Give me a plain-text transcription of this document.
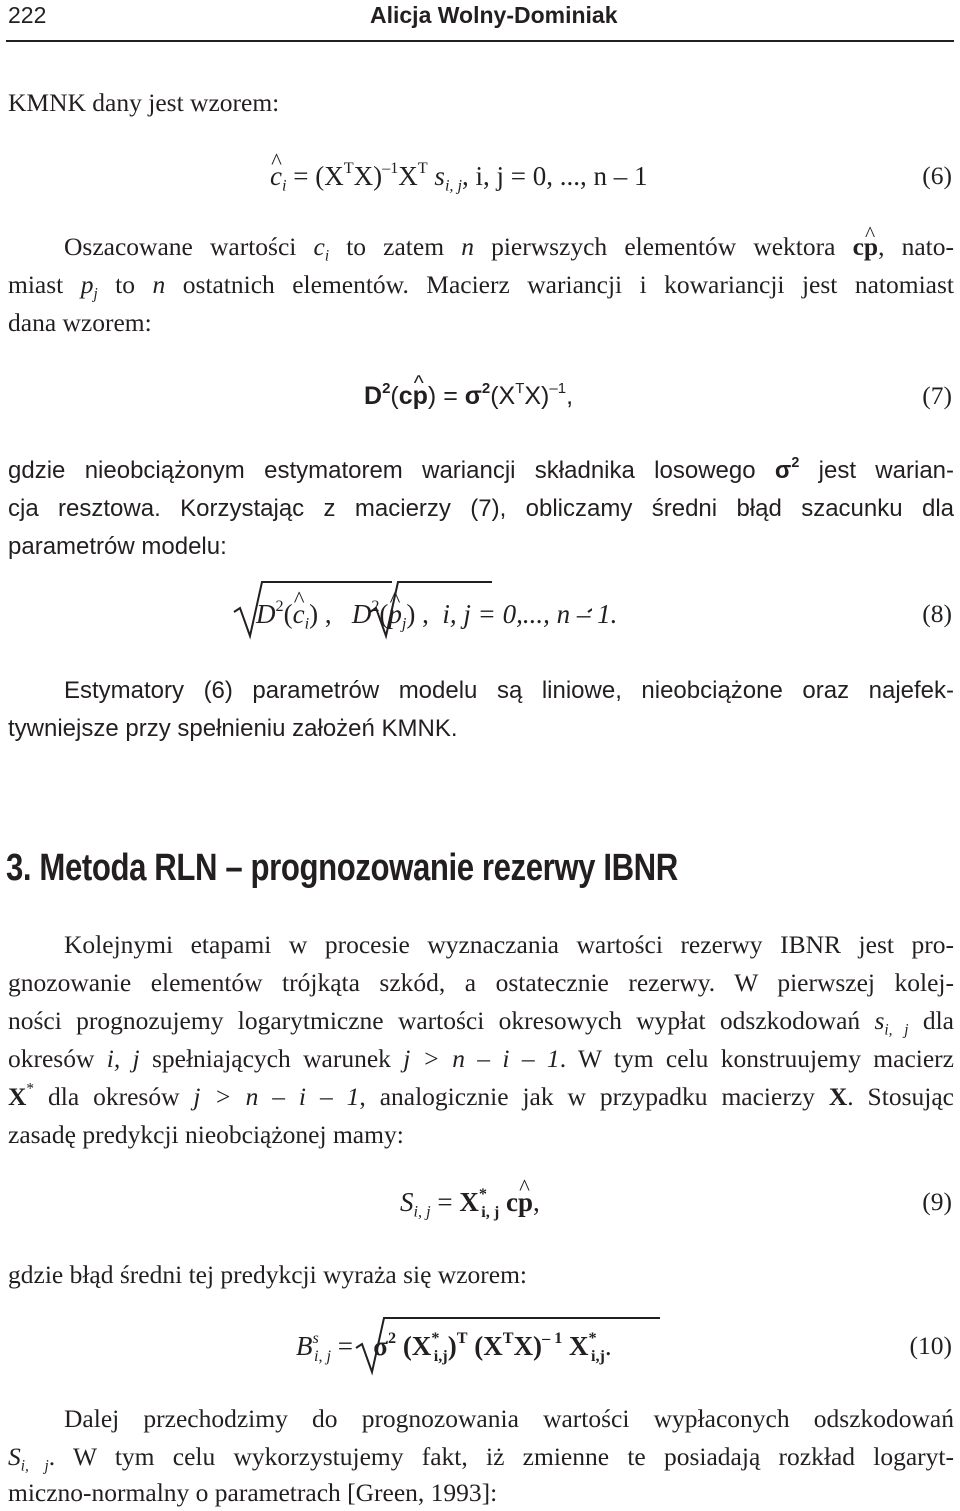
222	Alicja Wolny-Dominiak
KMNK dany jest wzorem:
^ $c_i = (X^TX)^{-1}X^T$ $s_{i, j}$, i, j = 0, ..., n – 1	(6)
Oszacowane wartości $c_i$ to zatem n pierwszych elementów wektora c^ p, nato-
miast $p_j$ to n ostatnich elementów. Macierz wariancji i kowariancji jest natomiast
dana wzorem:
$D^2(c\^{}$ $p) = \sigma^2(X^TX)^{-1}$,	(7)
gdzie nieobciążonym estymatorem wariancji składnika losowego $\sigma^2$ jest warian-
cja resztowa. Korzystając z macierzy (7), obliczamy średni błąd szacunku dla
parametrów modelu:
$D^2(\^{}$ $c_i$) , $D^2(\^{}$ $p_j$) , i, j = 0,..., n – 1.	(8)
Estymatory (6) parametrów modelu są liniowe, nieobciążone oraz najefek-
tywniejsze przy spełnieniu założeń KMNK.
3. Metoda RLN – prognozowanie rezerwy IBNR
Kolejnymi etapami w procesie wyznaczania wartości rezerwy IBNR jest pro-
gnozowanie elementów trójkąta szkód, a ostatecznie rezerwy. W pierwszej kolej-
ności prognozujemy logarytmiczne wartości okresowych wypłat odszkodowań $s_{i, j}$ dla
okresów i, j spełniających warunek j > n – i – 1. W tym celu konstruujemy macierz
X* dla okresów j > n – i – 1, analogicznie jak w przypadku macierzy X. Stosując
zasadę predykcji nieobciążonej mamy:
$S_{i, j} = X^*_{i, j}$ c^ p,	(9)
gdzie błąd średni tej predykcji wyraża się wzorem:
$B^s_{i, j} = \sigma^2$ $(X^*_{i,j})^T$ $(X^TX)^{- 1}$ $X^*_{i,j}$.	(10)
Dalej przechodzimy do prognozowania wartości wypłaconych odszkodowań
$S_{i, j}$. W tym celu wykorzystujemy fakt, iż zmienne te posiadają rozkład logaryt-
miczno-normalny o parametrach [Green, 1993]:
